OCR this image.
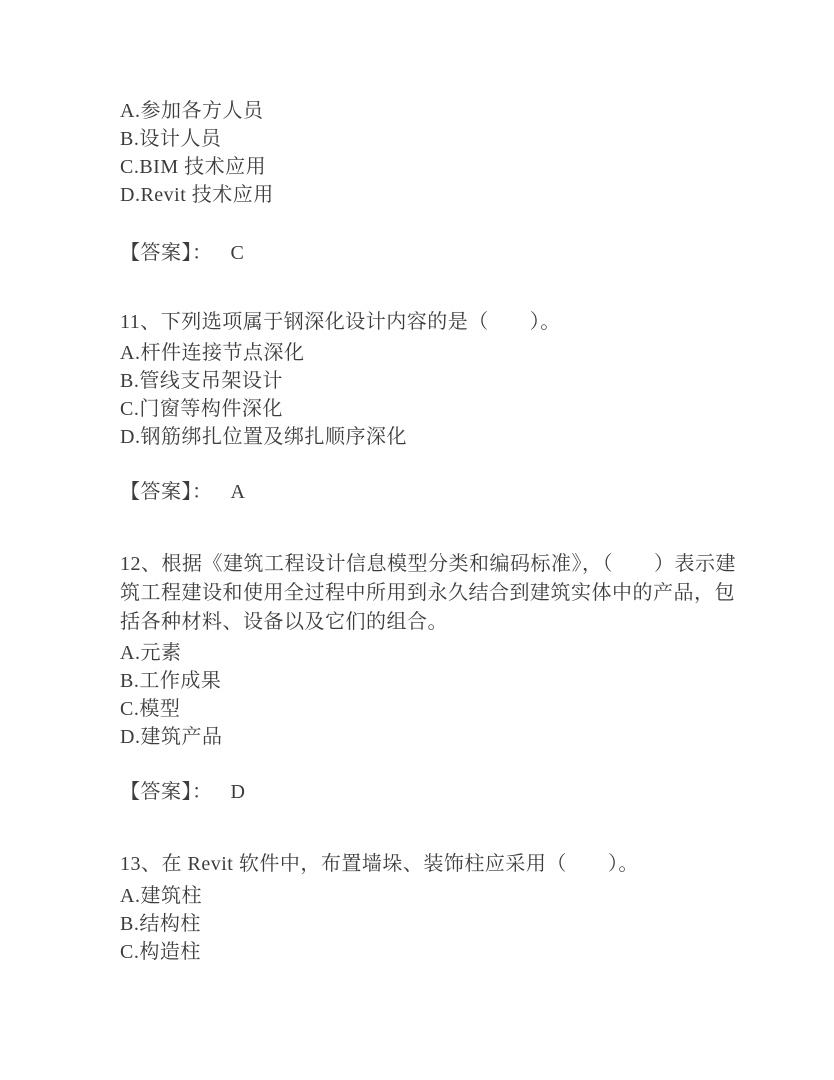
A.参加各方人员
B.设计人员
C.BIM 技术应用
D.Revit 技术应用
【答案】： C
11、下列选项属于钢深化设计内容的是（　　）。
A.杆件连接节点深化
B.管线支吊架设计
C.门窗等构件深化
D.钢筋绑扎位置及绑扎顺序深化
【答案】： A
12、根据《建筑工程设计信息模型分类和编码标准》，（　　）表示建
筑工程建设和使用全过程中所用到永久结合到建筑实体中的产品，包
括各种材料、设备以及它们的组合。
A.元素
B.工作成果
C.模型
D.建筑产品
【答案】： D
13、在 Revit 软件中，布置墙垛、装饰柱应采用（　　）。
A.建筑柱
B.结构柱
C.构造柱
